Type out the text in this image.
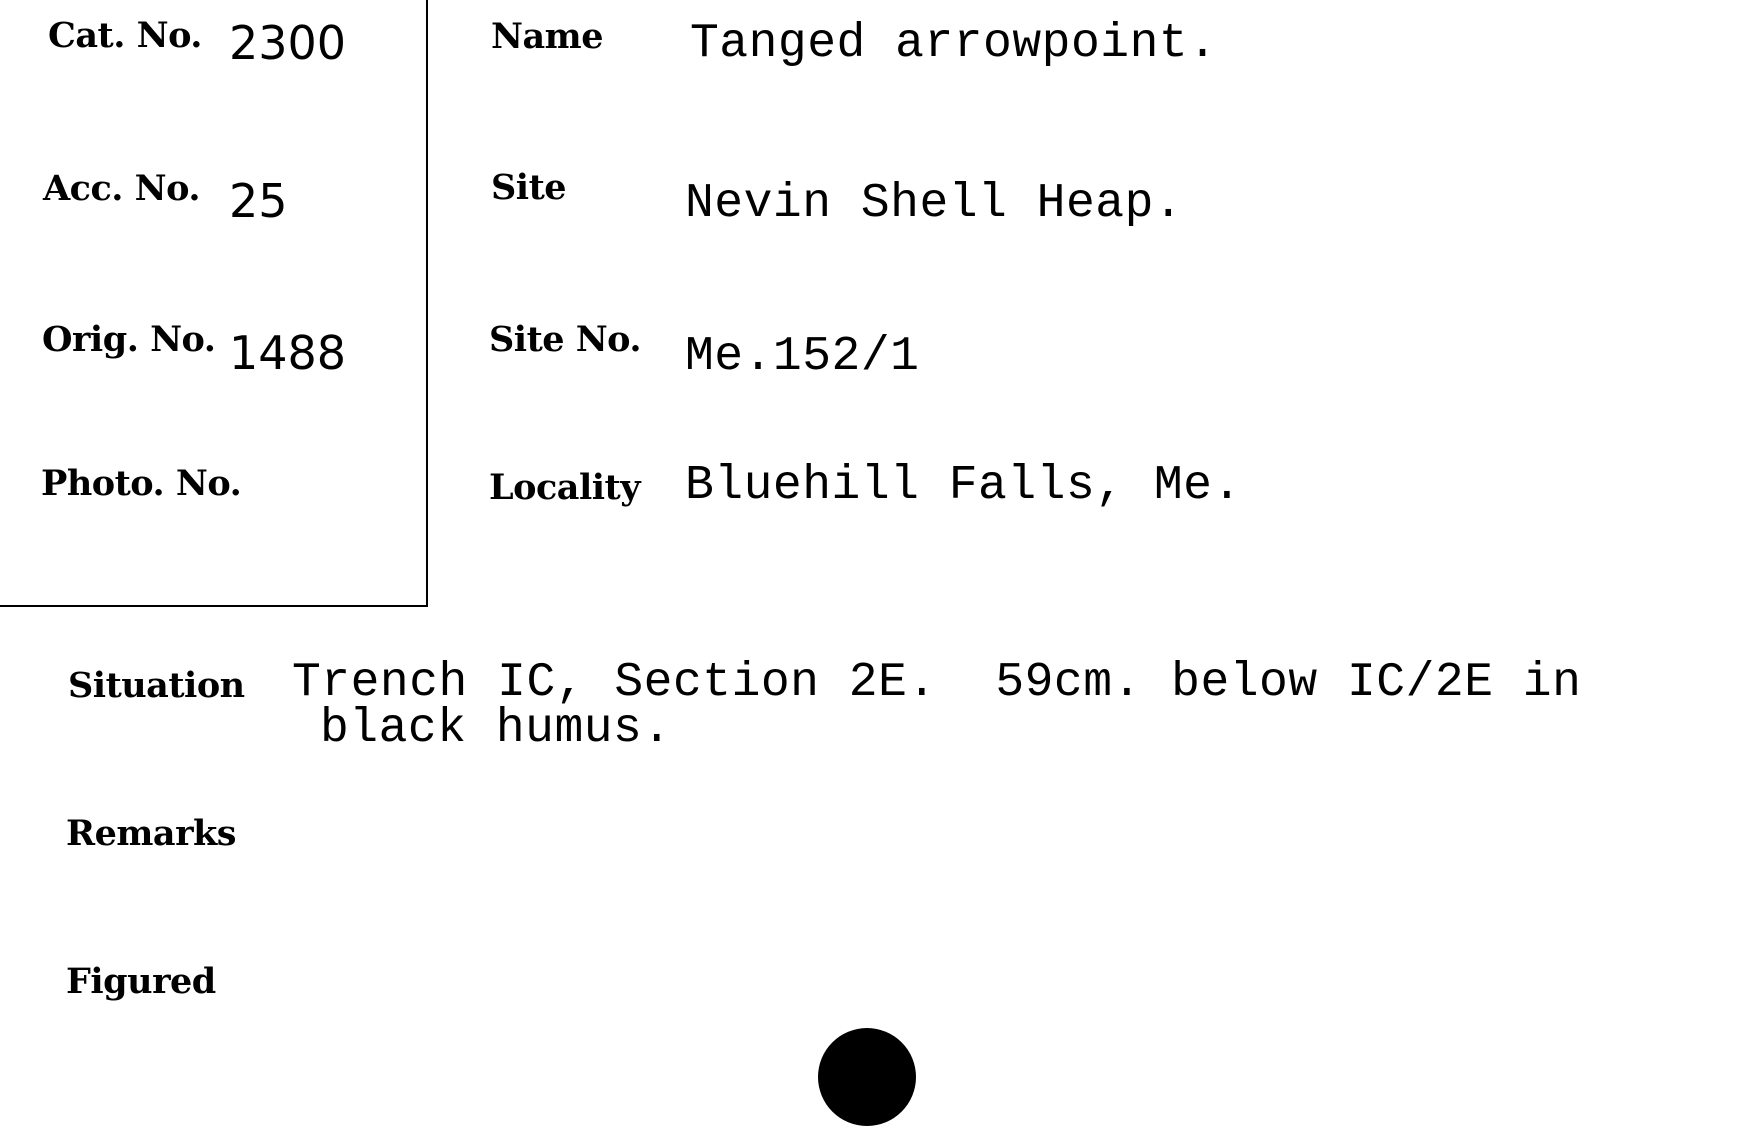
Cat. No. 2300
Acc. No. 25
Orig. No. 1488
Photo. No.
Name Tanged arrowpoint.
Site Nevin Shell Heap.
Site No. Me.152/1
Locality Bluehill Falls, Me.
Situation Trench IC, Section 2E.  59cm. below IC/2E in
black humus.
Remarks
Figured
